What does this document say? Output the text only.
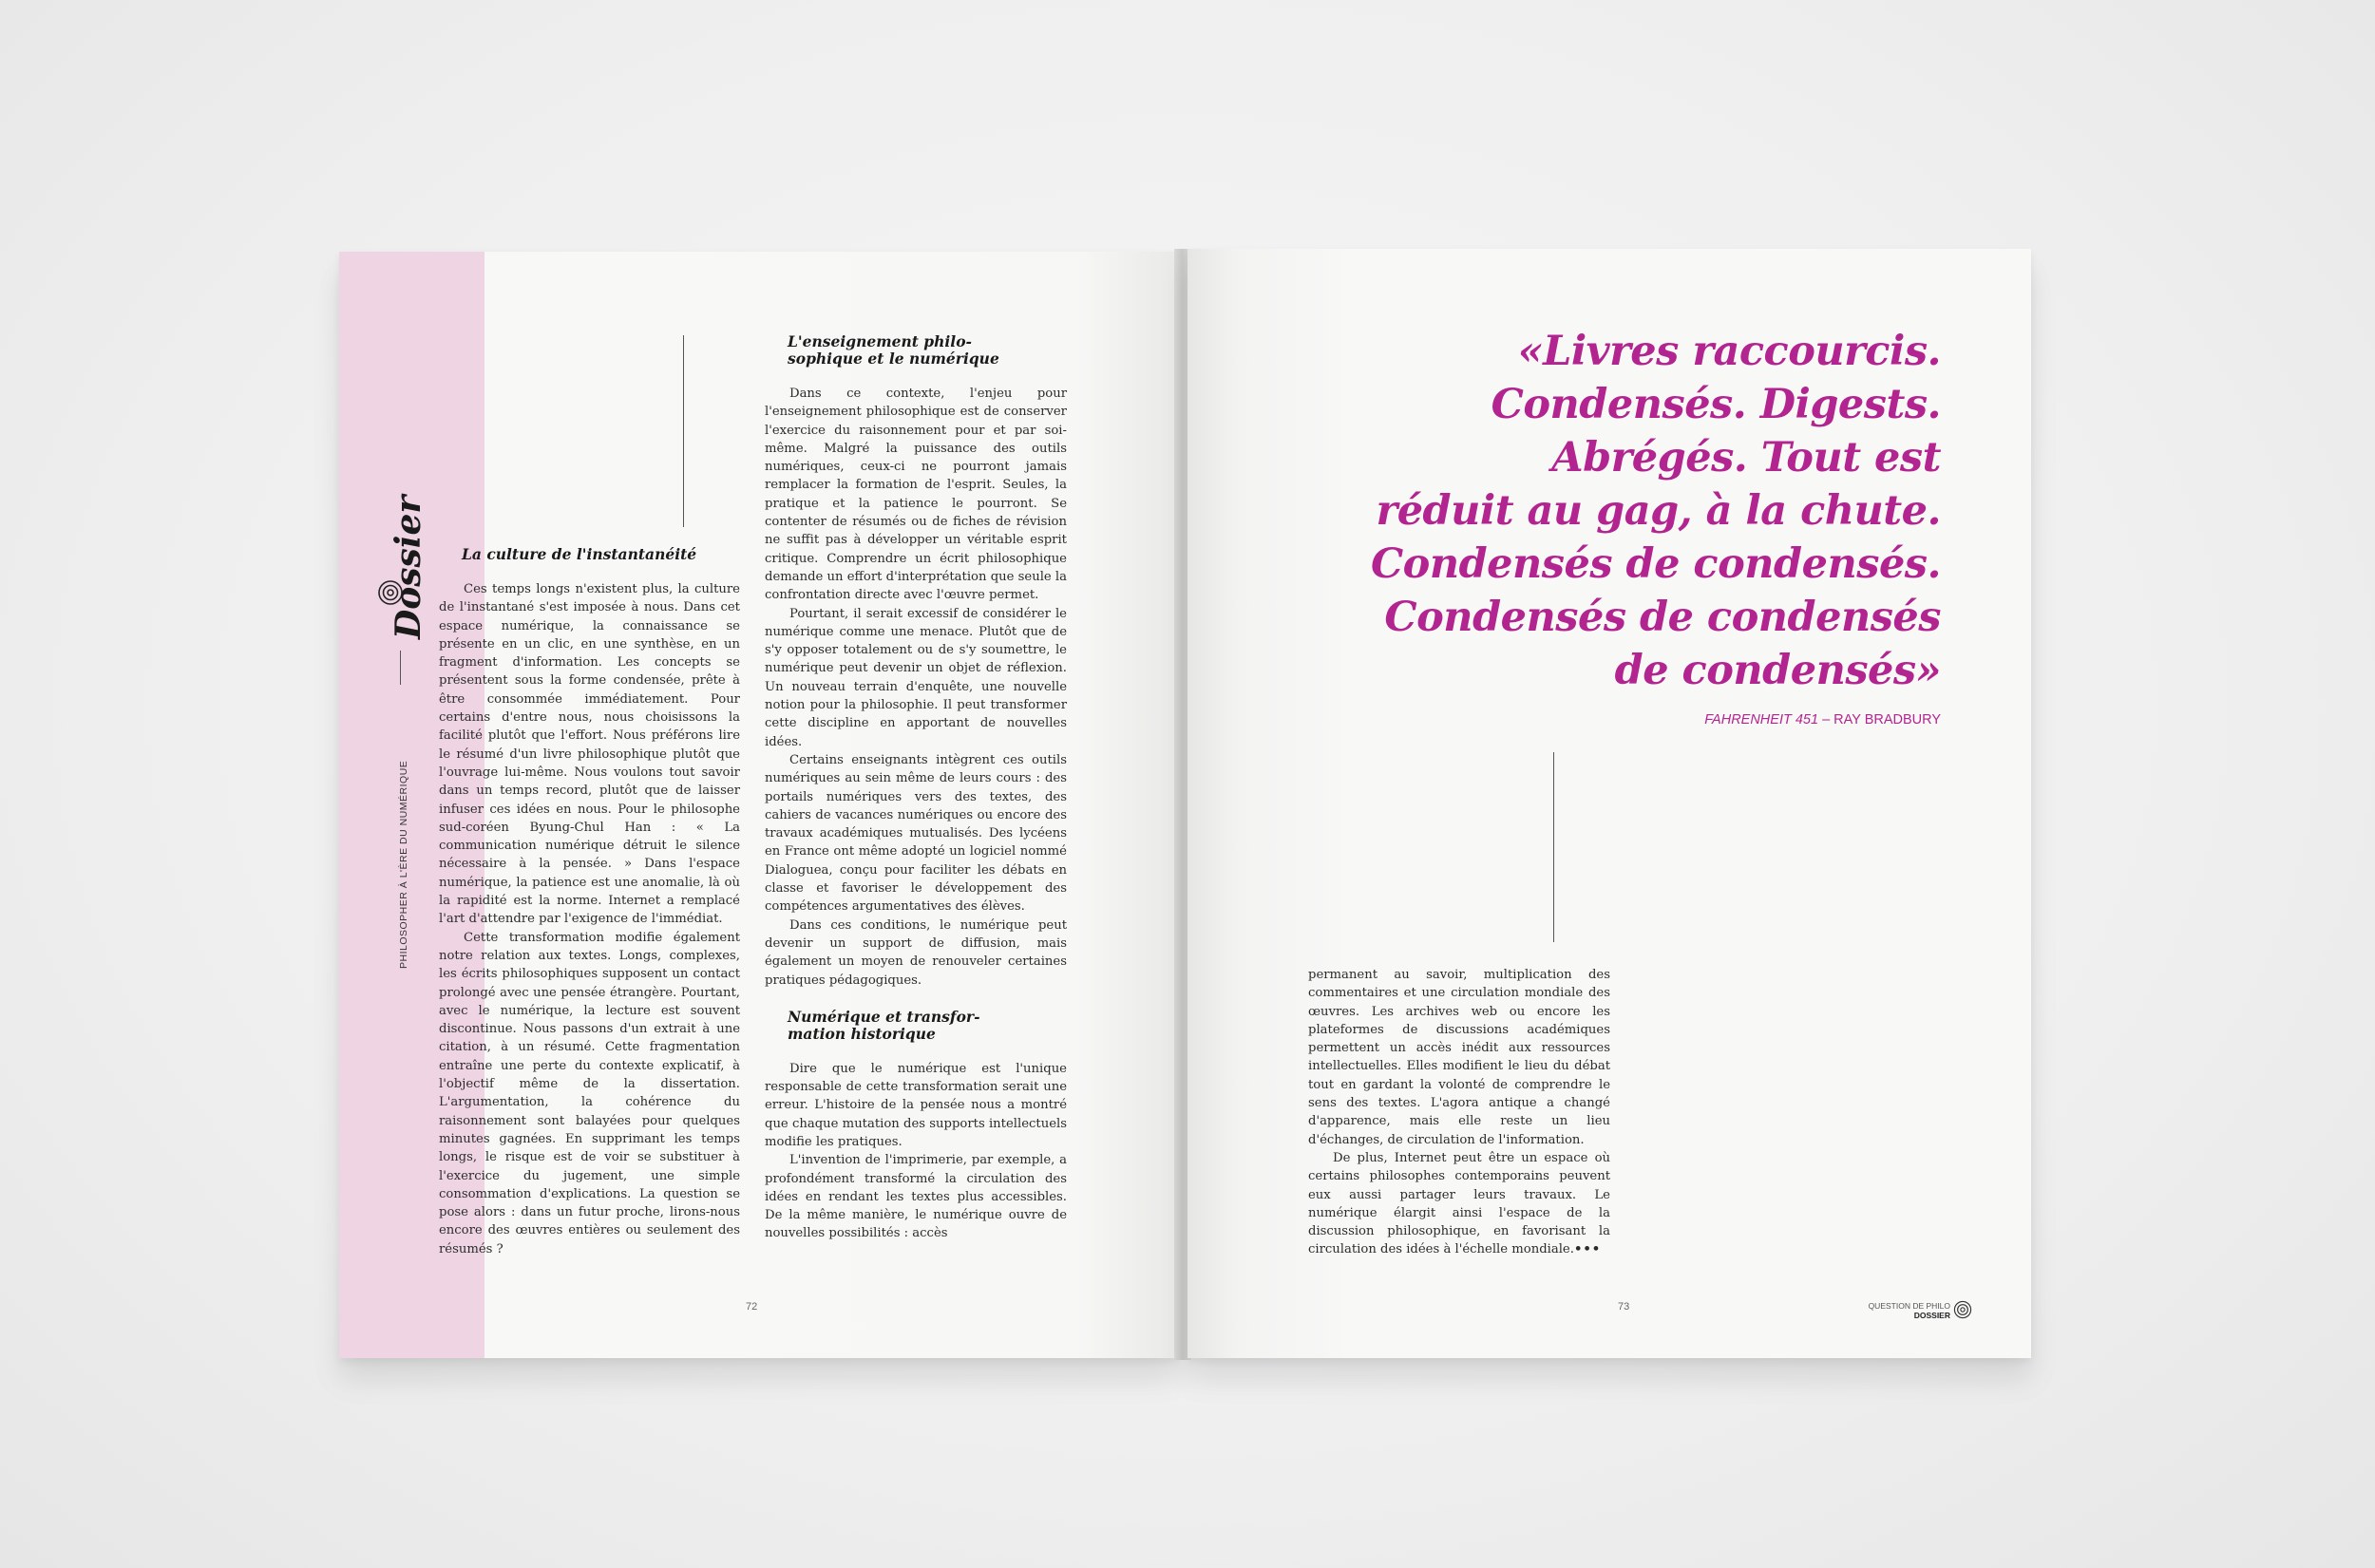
Dossier
PHILOSOPHER À L'ÈRE DU NUMÉRIQUE
La culture de l'instantanéité

Ces temps longs n'existent plus, la culture de l'instantané s'est imposée à nous. Dans cet espace numérique, la connaissance se présente en un clic, en une synthèse, en un fragment d'information. Les concepts se présentent sous la forme condensée, prête à être consommée immédiatement. Pour certains d'entre nous, nous choisissons la facilité plutôt que l'effort. Nous préférons lire le résumé d'un livre philosophique plutôt que l'ouvrage lui-même. Nous voulons tout savoir dans un temps record, plutôt que de laisser infuser ces idées en nous. Pour le philosophe sud-coréen Byung-Chul Han : « La communication numérique détruit le silence nécessaire à la pensée. » Dans l'espace numérique, la patience est une anomalie, là où la rapidité est la norme. Internet a remplacé l'art d'attendre par l'exigence de l'immédiat.

Cette transformation modifie également notre relation aux textes. Longs, complexes, les écrits philosophiques supposent un contact prolongé avec une pensée étrangère. Pourtant, avec le numérique, la lecture est souvent discontinue. Nous passons d'un extrait à une citation, à un résumé. Cette fragmentation entraîne une perte du contexte explicatif, à l'objectif même de la dissertation. L'argumentation, la cohérence du raisonnement sont balayées pour quelques minutes gagnées. En supprimant les temps longs, le risque est de voir se substituer à l'exercice du jugement, une simple consommation d'explications. La question se pose alors : dans un futur proche, lirons-nous encore des œuvres entières ou seulement des résumés ?

L'enseignement philo-
sophique et le numérique

Dans ce contexte, l'enjeu pour l'enseignement philosophique est de conserver l'exercice du raisonnement pour et par soi-même. Malgré la puissance des outils numériques, ceux-ci ne pourront jamais remplacer la formation de l'esprit. Seules, la pratique et la patience le pourront. Se contenter de résumés ou de fiches de révision ne suffit pas à développer un véritable esprit critique. Comprendre un écrit philosophique demande un effort d'interprétation que seule la confrontation directe avec l'œuvre permet.

Pourtant, il serait excessif de considérer le numérique comme une menace. Plutôt que de s'y opposer totalement ou de s'y soumettre, le numérique peut devenir un objet de réflexion. Un nouveau terrain d'enquête, une nouvelle notion pour la philosophie. Il peut transformer cette discipline en apportant de nouvelles idées.

Certains enseignants intègrent ces outils numériques au sein même de leurs cours : des portails numériques vers des textes, des cahiers de vacances numériques ou encore des travaux académiques mutualisés. Des lycéens en France ont même adopté un logiciel nommé Dialoguea, conçu pour faciliter les débats en classe et favoriser le développement des compétences argumentatives des élèves.

Dans ces conditions, le numérique peut devenir un support de diffusion, mais également un moyen de renouveler certaines pratiques pédagogiques.

Numérique et transfor-
mation historique

Dire que le numérique est l'unique responsable de cette transformation serait une erreur. L'histoire de la pensée nous a montré que chaque mutation des supports intellectuels modifie les pratiques.

L'invention de l'imprimerie, par exemple, a profondément transformé la circulation des idées en rendant les textes plus accessibles. De la même manière, le numérique ouvre de nouvelles possibilités : accès

72
«Livres raccourcis.
Condensés. Digests.
Abrégés. Tout est
réduit au gag, à la chute.
Condensés de condensés.
Condensés de condensés
de condensés»
FAHRENHEIT 451 – RAY BRADBURY

permanent au savoir, multiplication des commentaires et une circulation mondiale des œuvres. Les archives web ou encore les plateformes de discussions académiques permettent un accès inédit aux ressources intellectuelles. Elles modifient le lieu du débat tout en gardant la volonté de comprendre le sens des textes. L'agora antique a changé d'apparence, mais elle reste un lieu d'échanges, de circulation de l'information.

De plus, Internet peut être un espace où certains philosophes contemporains peuvent eux aussi partager leurs travaux. Le numérique élargit ainsi l'espace de la discussion philosophique, en favorisant la circulation des idées à l'échelle mondiale.•••

73	QUESTION DE PHILO
DOSSIER
